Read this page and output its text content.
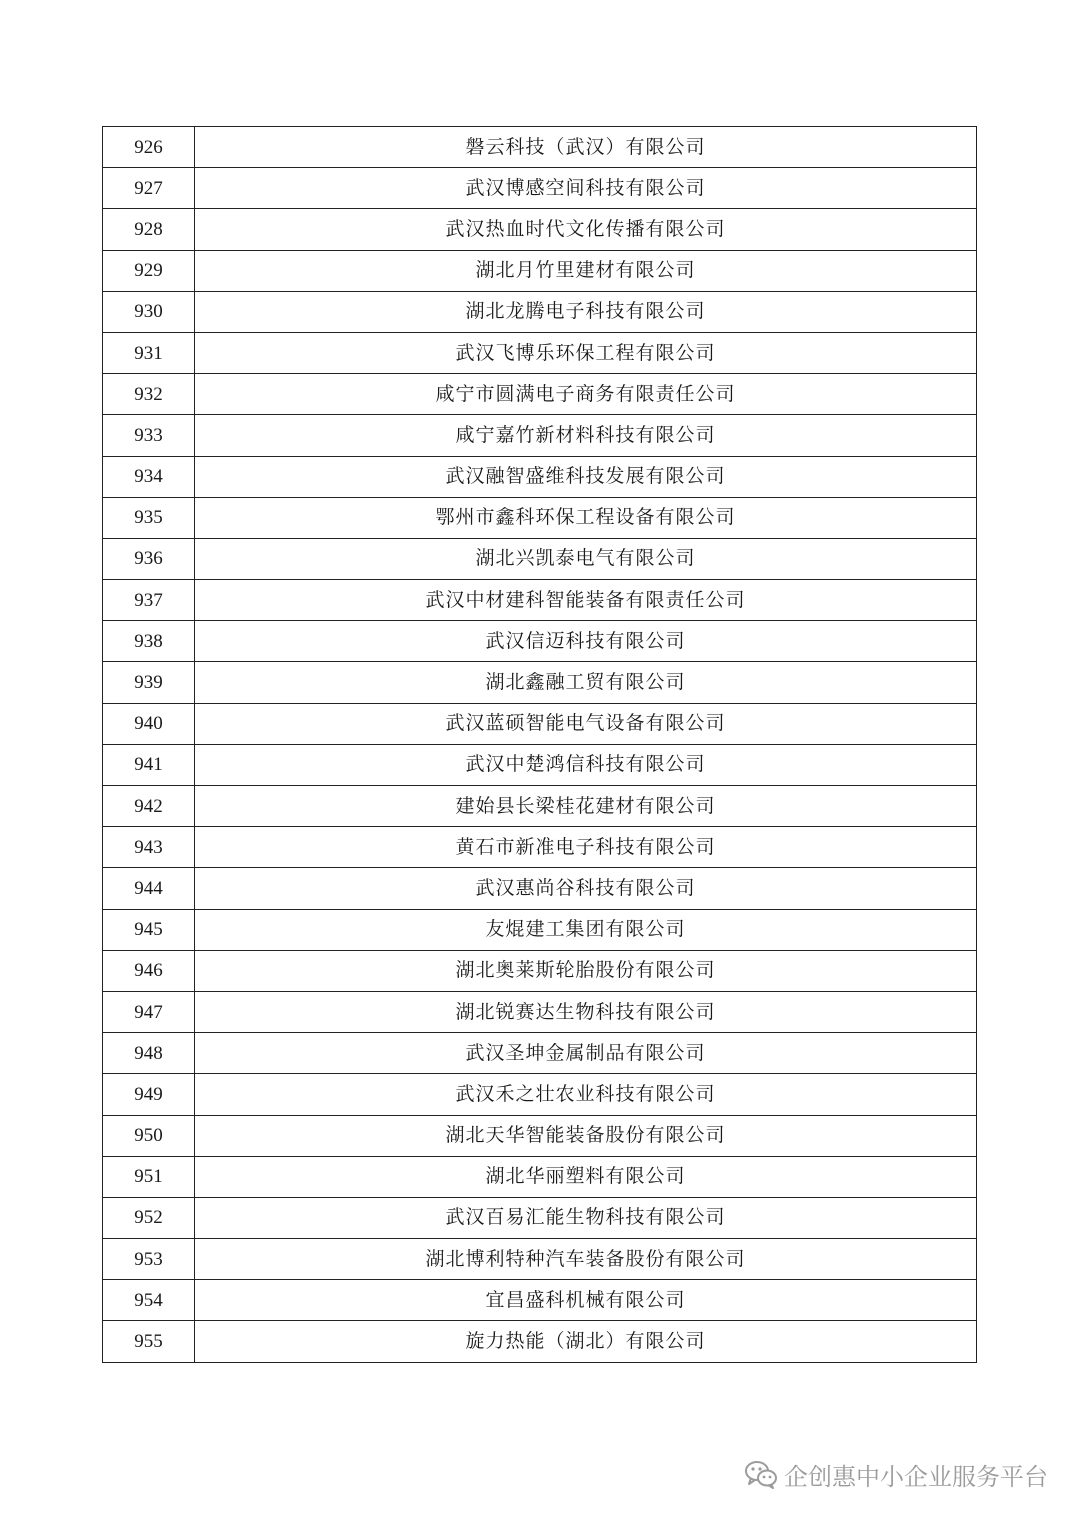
926	磐云科技（武汉）有限公司
927	武汉博感空间科技有限公司
928	武汉热血时代文化传播有限公司
929	湖北月竹里建材有限公司
930	湖北龙腾电子科技有限公司
931	武汉飞博乐环保工程有限公司
932	咸宁市圆满电子商务有限责任公司
933	咸宁嘉竹新材料科技有限公司
934	武汉融智盛维科技发展有限公司
935	鄂州市鑫科环保工程设备有限公司
936	湖北兴凯泰电气有限公司
937	武汉中材建科智能装备有限责任公司
938	武汉信迈科技有限公司
939	湖北鑫融工贸有限公司
940	武汉蓝硕智能电气设备有限公司
941	武汉中楚鸿信科技有限公司
942	建始县长梁桂花建材有限公司
943	黄石市新准电子科技有限公司
944	武汉惠尚谷科技有限公司
945	友焜建工集团有限公司
946	湖北奥莱斯轮胎股份有限公司
947	湖北锐赛达生物科技有限公司
948	武汉圣坤金属制品有限公司
949	武汉禾之壮农业科技有限公司
950	湖北天华智能装备股份有限公司
951	湖北华丽塑料有限公司
952	武汉百易汇能生物科技有限公司
953	湖北博利特种汽车装备股份有限公司
954	宜昌盛科机械有限公司
955	旋力热能（湖北）有限公司
企创惠中小企业服务平台
